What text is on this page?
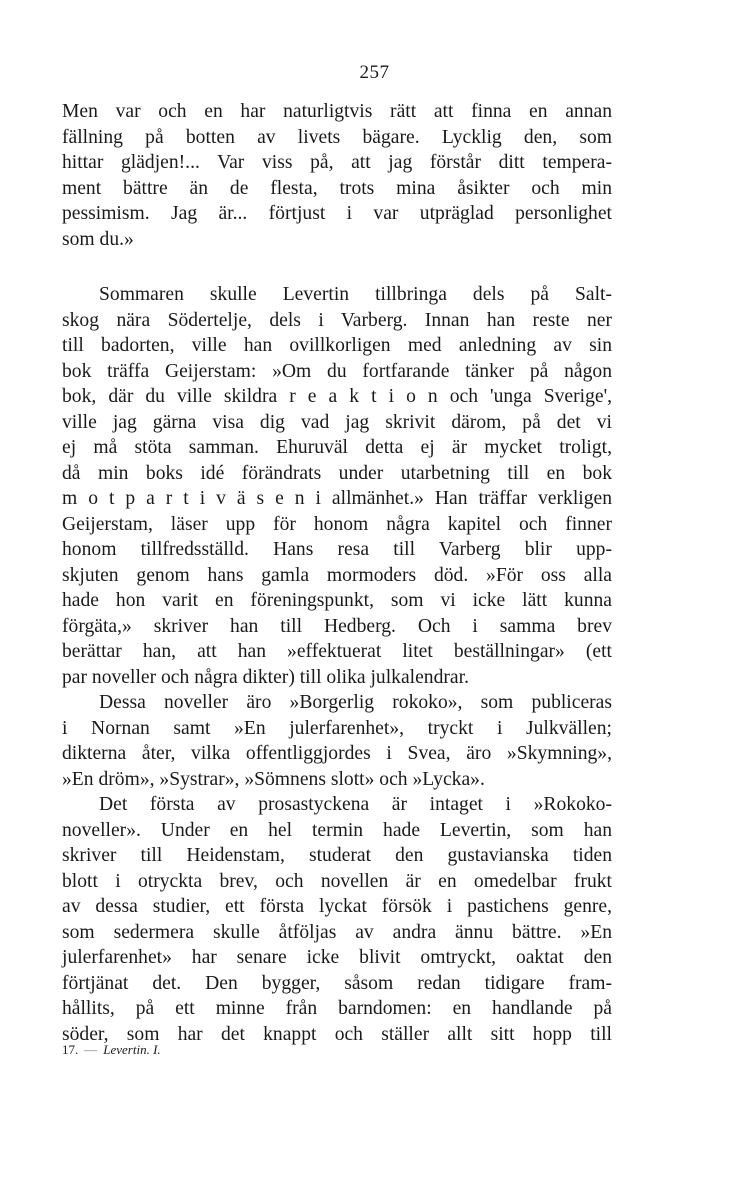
257
Men var och en har naturligtvis rätt att finna en annan
fällning på botten av livets bägare. Lycklig den, som
hittar glädjen!... Var viss på, att jag förstår ditt tempera-
ment bättre än de flesta, trots mina åsikter och min
pessimism. Jag är... förtjust i var utpräglad personlighet
som du.»
Sommaren skulle Levertin tillbringa dels på Salt-
skog nära Södertelje, dels i Varberg. Innan han reste ner
till badorten, ville han ovillkorligen med anledning av sin
bok träffa Geijerstam: »Om du fortfarande tänker på någon
bok, där du ville skildra r e a k t i o n och 'unga Sverige',
ville jag gärna visa dig vad jag skrivit därom, på det vi
ej må stöta samman. Ehuruväl detta ej är mycket troligt,
då min boks idé förändrats under utarbetning till en bok
m o t p a r t i v ä s e n i allmänhet.» Han träffar verkligen
Geijerstam, läser upp för honom några kapitel och finner
honom tillfredsställd. Hans resa till Varberg blir upp-
skjuten genom hans gamla mormoders död. »För oss alla
hade hon varit en föreningspunkt, som vi icke lätt kunna
förgäta,» skriver han till Hedberg. Och i samma brev
berättar han, att han »effektuerat litet beställningar» (ett
par noveller och några dikter) till olika julkalendrar.
Dessa noveller äro »Borgerlig rokoko», som publiceras
i Nornan samt »En julerfarenhet», tryckt i Julkvällen;
dikterna åter, vilka offentliggjordes i Svea, äro »Skymning»,
»En dröm», »Systrar», »Sömnens slott» och »Lycka».
Det första av prosastyckena är intaget i »Rokoko-
noveller». Under en hel termin hade Levertin, som han
skriver till Heidenstam, studerat den gustavianska tiden
blott i otryckta brev, och novellen är en omedelbar frukt
av dessa studier, ett första lyckat försök i pastichens genre,
som sedermera skulle åtföljas av andra ännu bättre. »En
julerfarenhet» har senare icke blivit omtryckt, oaktat den
förtjänat det. Den bygger, såsom redan tidigare fram-
hållits, på ett minne från barndomen: en handlande på
söder, som har det knappt och ställer allt sitt hopp till
17. — Levertin. I.
